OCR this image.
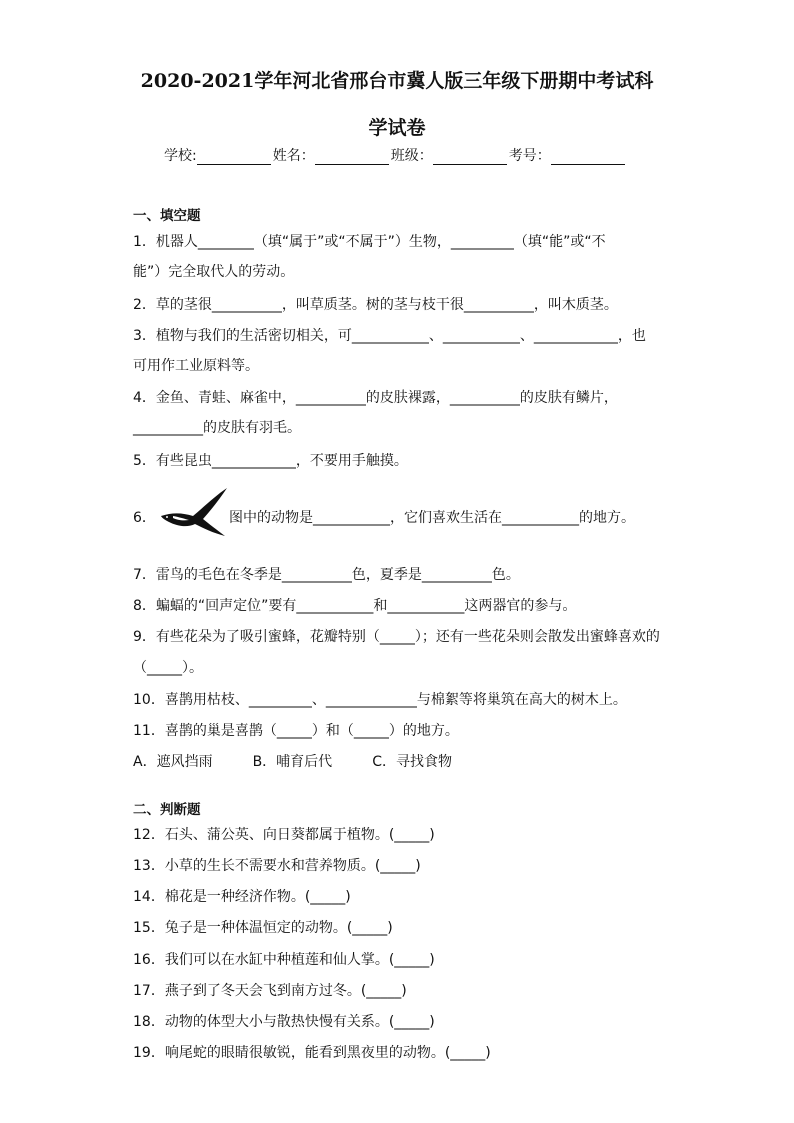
2020-2021学年河北省邢台市冀人版三年级下册期中考试科
学试卷
学校:	姓名：	班级：	考号：
一、填空题
1．机器人________（填“属于”或“不属于”）生物，_________（填“能”或“不
能”）完全取代人的劳动。
2．草的茎很__________，叫草质茎。树的茎与枝干很__________，叫木质茎。
3．植物与我们的生活密切相关，可___________、___________、____________，也
可用作工业原料等。
4．金鱼、青蛙、麻雀中，__________的皮肤裸露，__________的皮肤有鳞片，
__________的皮肤有羽毛。
5．有些昆虫____________，不要用手触摸。
6．	图中的动物是___________，它们喜欢生活在___________的地方。
7．雷鸟的毛色在冬季是__________色，夏季是__________色。
8．蝙蝠的“回声定位”要有___________和___________这两器官的参与。
9．有些花朵为了吸引蜜蜂，花瓣特别（_____）；还有一些花朵则会散发出蜜蜂喜欢的
（_____）。
10．喜鹊用枯枝、_________、_____________与棉絮等将巢筑在高大的树木上。
11．喜鹊的巢是喜鹊（_____）和（_____）的地方。
A．遮风挡雨	B．哺育后代	C．寻找食物
二、判断题
12．石头、蒲公英、向日葵都属于植物。(_____)
13．小草的生长不需要水和营养物质。(_____)
14．棉花是一种经济作物。(_____)
15．兔子是一种体温恒定的动物。(_____)
16．我们可以在水缸中种植莲和仙人掌。(_____)
17．燕子到了冬天会飞到南方过冬。(_____)
18．动物的体型大小与散热快慢有关系。(_____)
19．响尾蛇的眼睛很敏锐，能看到黑夜里的动物。(_____)
